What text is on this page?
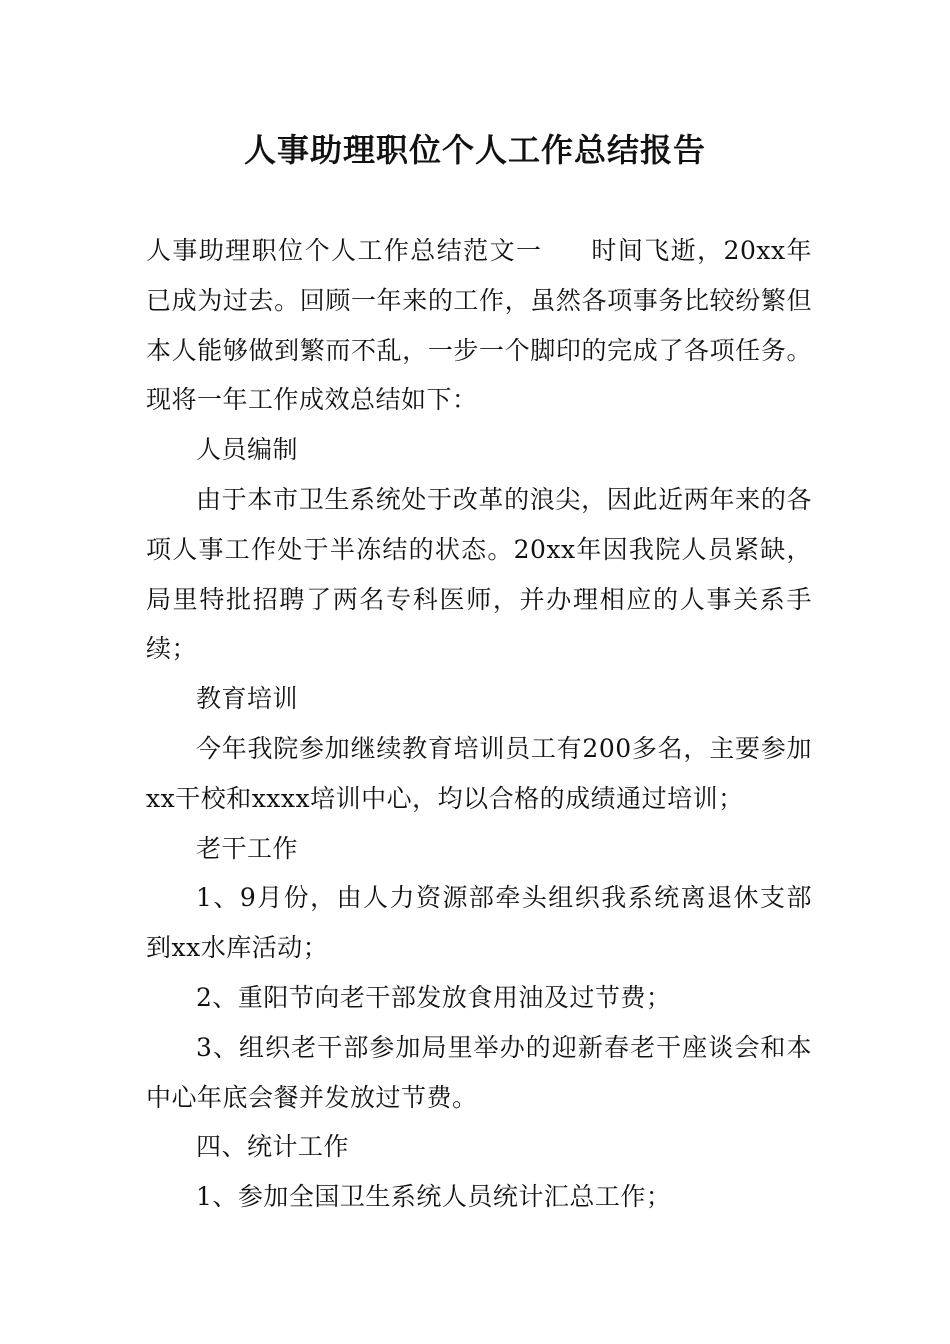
人事助理职位个人工作总结报告

人事助理职位个人工作总结范文一 时间飞逝，20xx年已成为过去。回顾一年来的工作，虽然各项事务比较纷繁但本人能够做到繁而不乱，一步一个脚印的完成了各项任务。现将一年工作成效总结如下：

人员编制

由于本市卫生系统处于改革的浪尖，因此近两年来的各项人事工作处于半冻结的状态。20xx年因我院人员紧缺，局里特批招聘了两名专科医师，并办理相应的人事关系手续；

教育培训

今年我院参加继续教育培训员工有200多名，主要参加xx干校和xxxx培训中心，均以合格的成绩通过培训；

老干工作

1、9月份，由人力资源部牵头组织我系统离退休支部到xx水库活动；

2、重阳节向老干部发放食用油及过节费；

3、组织老干部参加局里举办的迎新春老干座谈会和本中心年底会餐并发放过节费。

四、统计工作

1、参加全国卫生系统人员统计汇总工作；
